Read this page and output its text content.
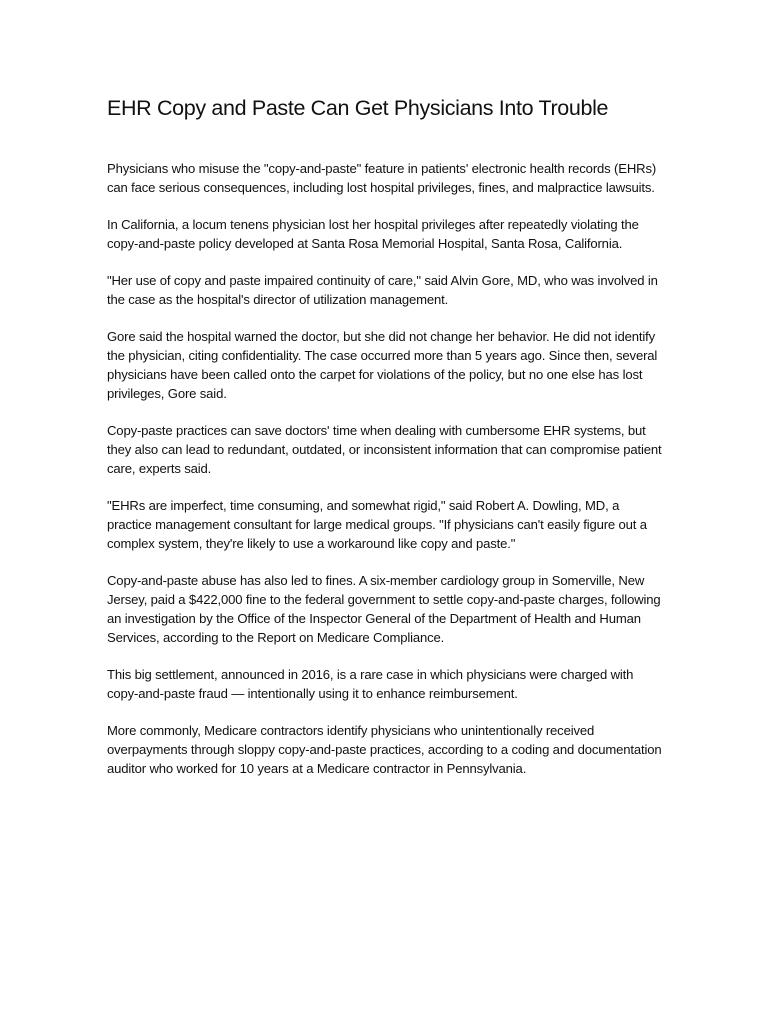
EHR Copy and Paste Can Get Physicians Into Trouble

Physicians who misuse the "copy-and-paste" feature in patients' electronic health records (EHRs) can face serious consequences, including lost hospital privileges, fines, and malpractice lawsuits.

In California, a locum tenens physician lost her hospital privileges after repeatedly violating the copy-and-paste policy developed at Santa Rosa Memorial Hospital, Santa Rosa, California.

"Her use of copy and paste impaired continuity of care," said Alvin Gore, MD, who was involved in the case as the hospital's director of utilization management.

Gore said the hospital warned the doctor, but she did not change her behavior. He did not identify the physician, citing confidentiality. The case occurred more than 5 years ago. Since then, several physicians have been called onto the carpet for violations of the policy, but no one else has lost privileges, Gore said.

Copy-paste practices can save doctors' time when dealing with cumbersome EHR systems, but they also can lead to redundant, outdated, or inconsistent information that can compromise patient care, experts said.

"EHRs are imperfect, time consuming, and somewhat rigid," said Robert A. Dowling, MD, a practice management consultant for large medical groups. "If physicians can't easily figure out a complex system, they're likely to use a workaround like copy and paste."

Copy-and-paste abuse has also led to fines. A six-member cardiology group in Somerville, New Jersey, paid a $422,000 fine to the federal government to settle copy-and-paste charges, following an investigation by the Office of the Inspector General of the Department of Health and Human Services, according to the Report on Medicare Compliance.

This big settlement, announced in 2016, is a rare case in which physicians were charged with copy-and-paste fraud — intentionally using it to enhance reimbursement.

More commonly, Medicare contractors identify physicians who unintentionally received overpayments through sloppy copy-and-paste practices, according to a coding and documentation auditor who worked for 10 years at a Medicare contractor in Pennsylvania.
